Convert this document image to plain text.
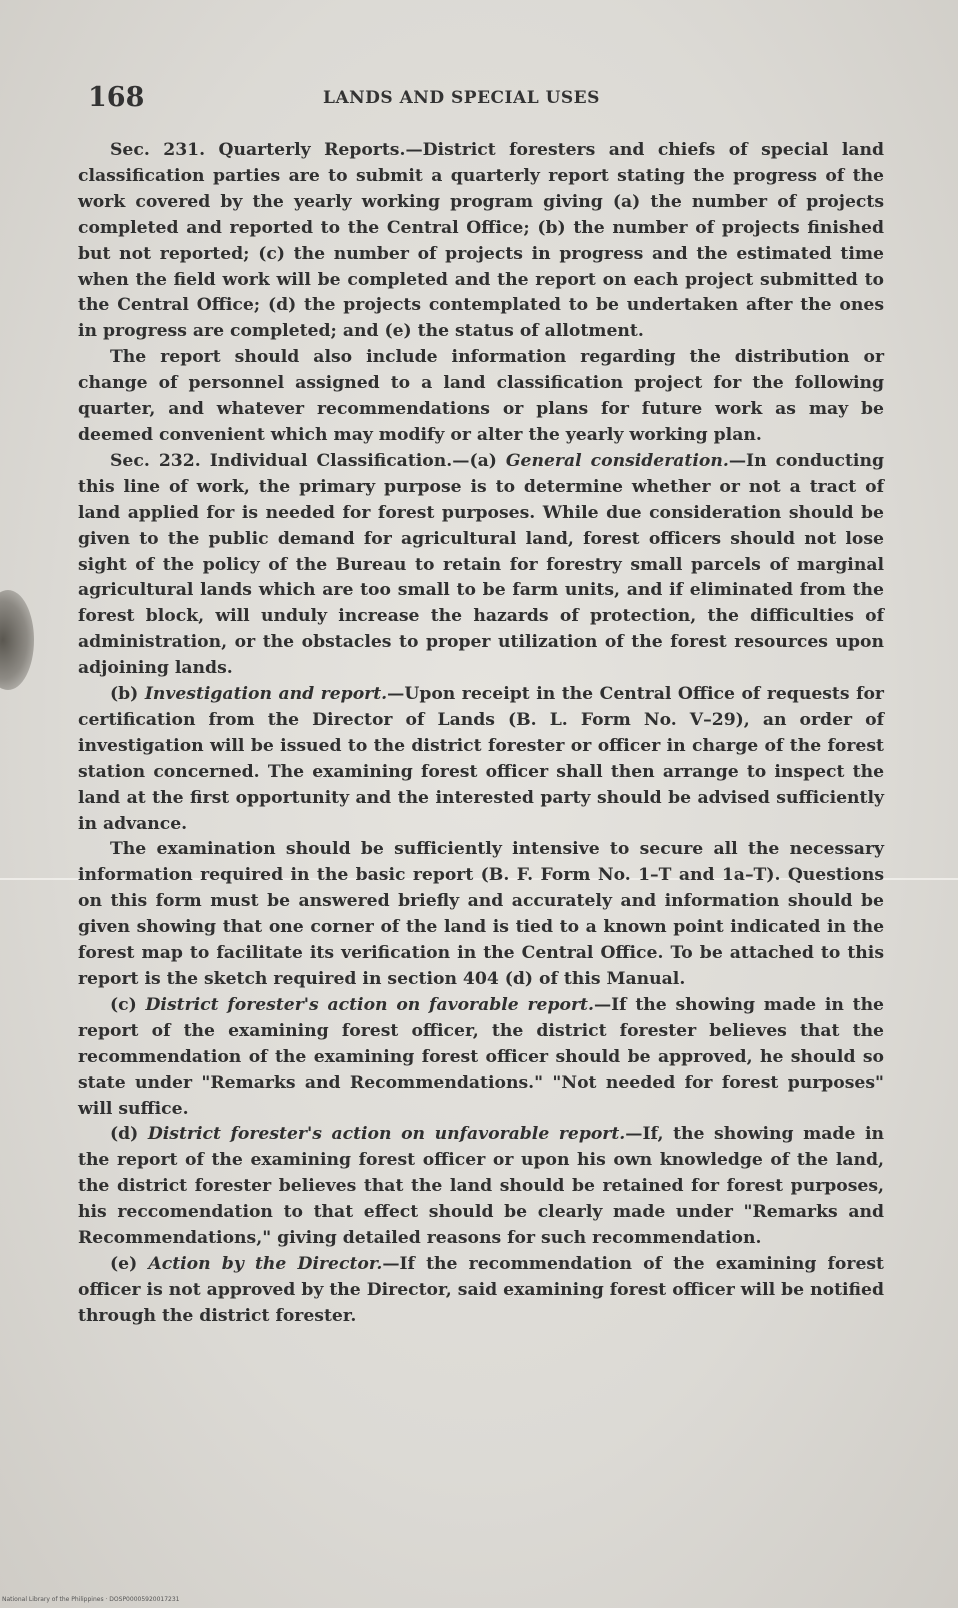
168	LANDS AND SPECIAL USES

Sec. 231. Quarterly Reports.—District foresters and chiefs of special land classification parties are to submit a quarterly report stating the progress of the work covered by the yearly working program giving (a) the number of projects completed and reported to the Central Office; (b) the number of projects finished but not reported; (c) the number of projects in progress and the estimated time when the field work will be completed and the report on each project submitted to the Central Office; (d) the projects contemplated to be undertaken after the ones in progress are completed; and (e) the status of allotment.

The report should also include information regarding the distribution or change of personnel assigned to a land classification project for the following quarter, and whatever recommendations or plans for future work as may be deemed convenient which may modify or alter the yearly working plan.

Sec. 232. Individual Classification.—(a) General consideration.—In conducting this line of work, the primary purpose is to determine whether or not a tract of land applied for is needed for forest purposes. While due consideration should be given to the public demand for agricultural land, forest officers should not lose sight of the policy of the Bureau to retain for forestry small parcels of marginal agricultural lands which are too small to be farm units, and if eliminated from the forest block, will unduly increase the hazards of protection, the difficulties of administration, or the obstacles to proper utilization of the forest resources upon adjoining lands.

(b) Investigation and report.—Upon receipt in the Central Office of requests for certification from the Director of Lands (B. L. Form No. V–29), an order of investigation will be issued to the district forester or officer in charge of the forest station concerned. The examining forest officer shall then arrange to inspect the land at the first opportunity and the interested party should be advised sufficiently in advance.

The examination should be sufficiently intensive to secure all the necessary information required in the basic report (B. F. Form No. 1–T and 1a–T). Questions on this form must be answered briefly and accurately and information should be given showing that one corner of the land is tied to a known point indicated in the forest map to facilitate its verification in the Central Office. To be attached to this report is the sketch required in section 404 (d) of this Manual.

(c) District forester's action on favorable report.—If the showing made in the report of the examining forest officer, the district forester believes that the recommendation of the examining forest officer should be approved, he should so state under "Remarks and Recommendations." "Not needed for forest purposes" will suffice.

(d) District forester's action on unfavorable report.—If, the showing made in the report of the examining forest officer or upon his own knowledge of the land, the district forester believes that the land should be retained for forest purposes, his reccomendation to that effect should be clearly made under "Remarks and Recommendations," giving detailed reasons for such recommendation.

(e) Action by the Director.—If the recommendation of the examining forest officer is not approved by the Director, said examining forest officer will be notified through the district forester.

National Library of the Philippines · DOSP00005920017231
